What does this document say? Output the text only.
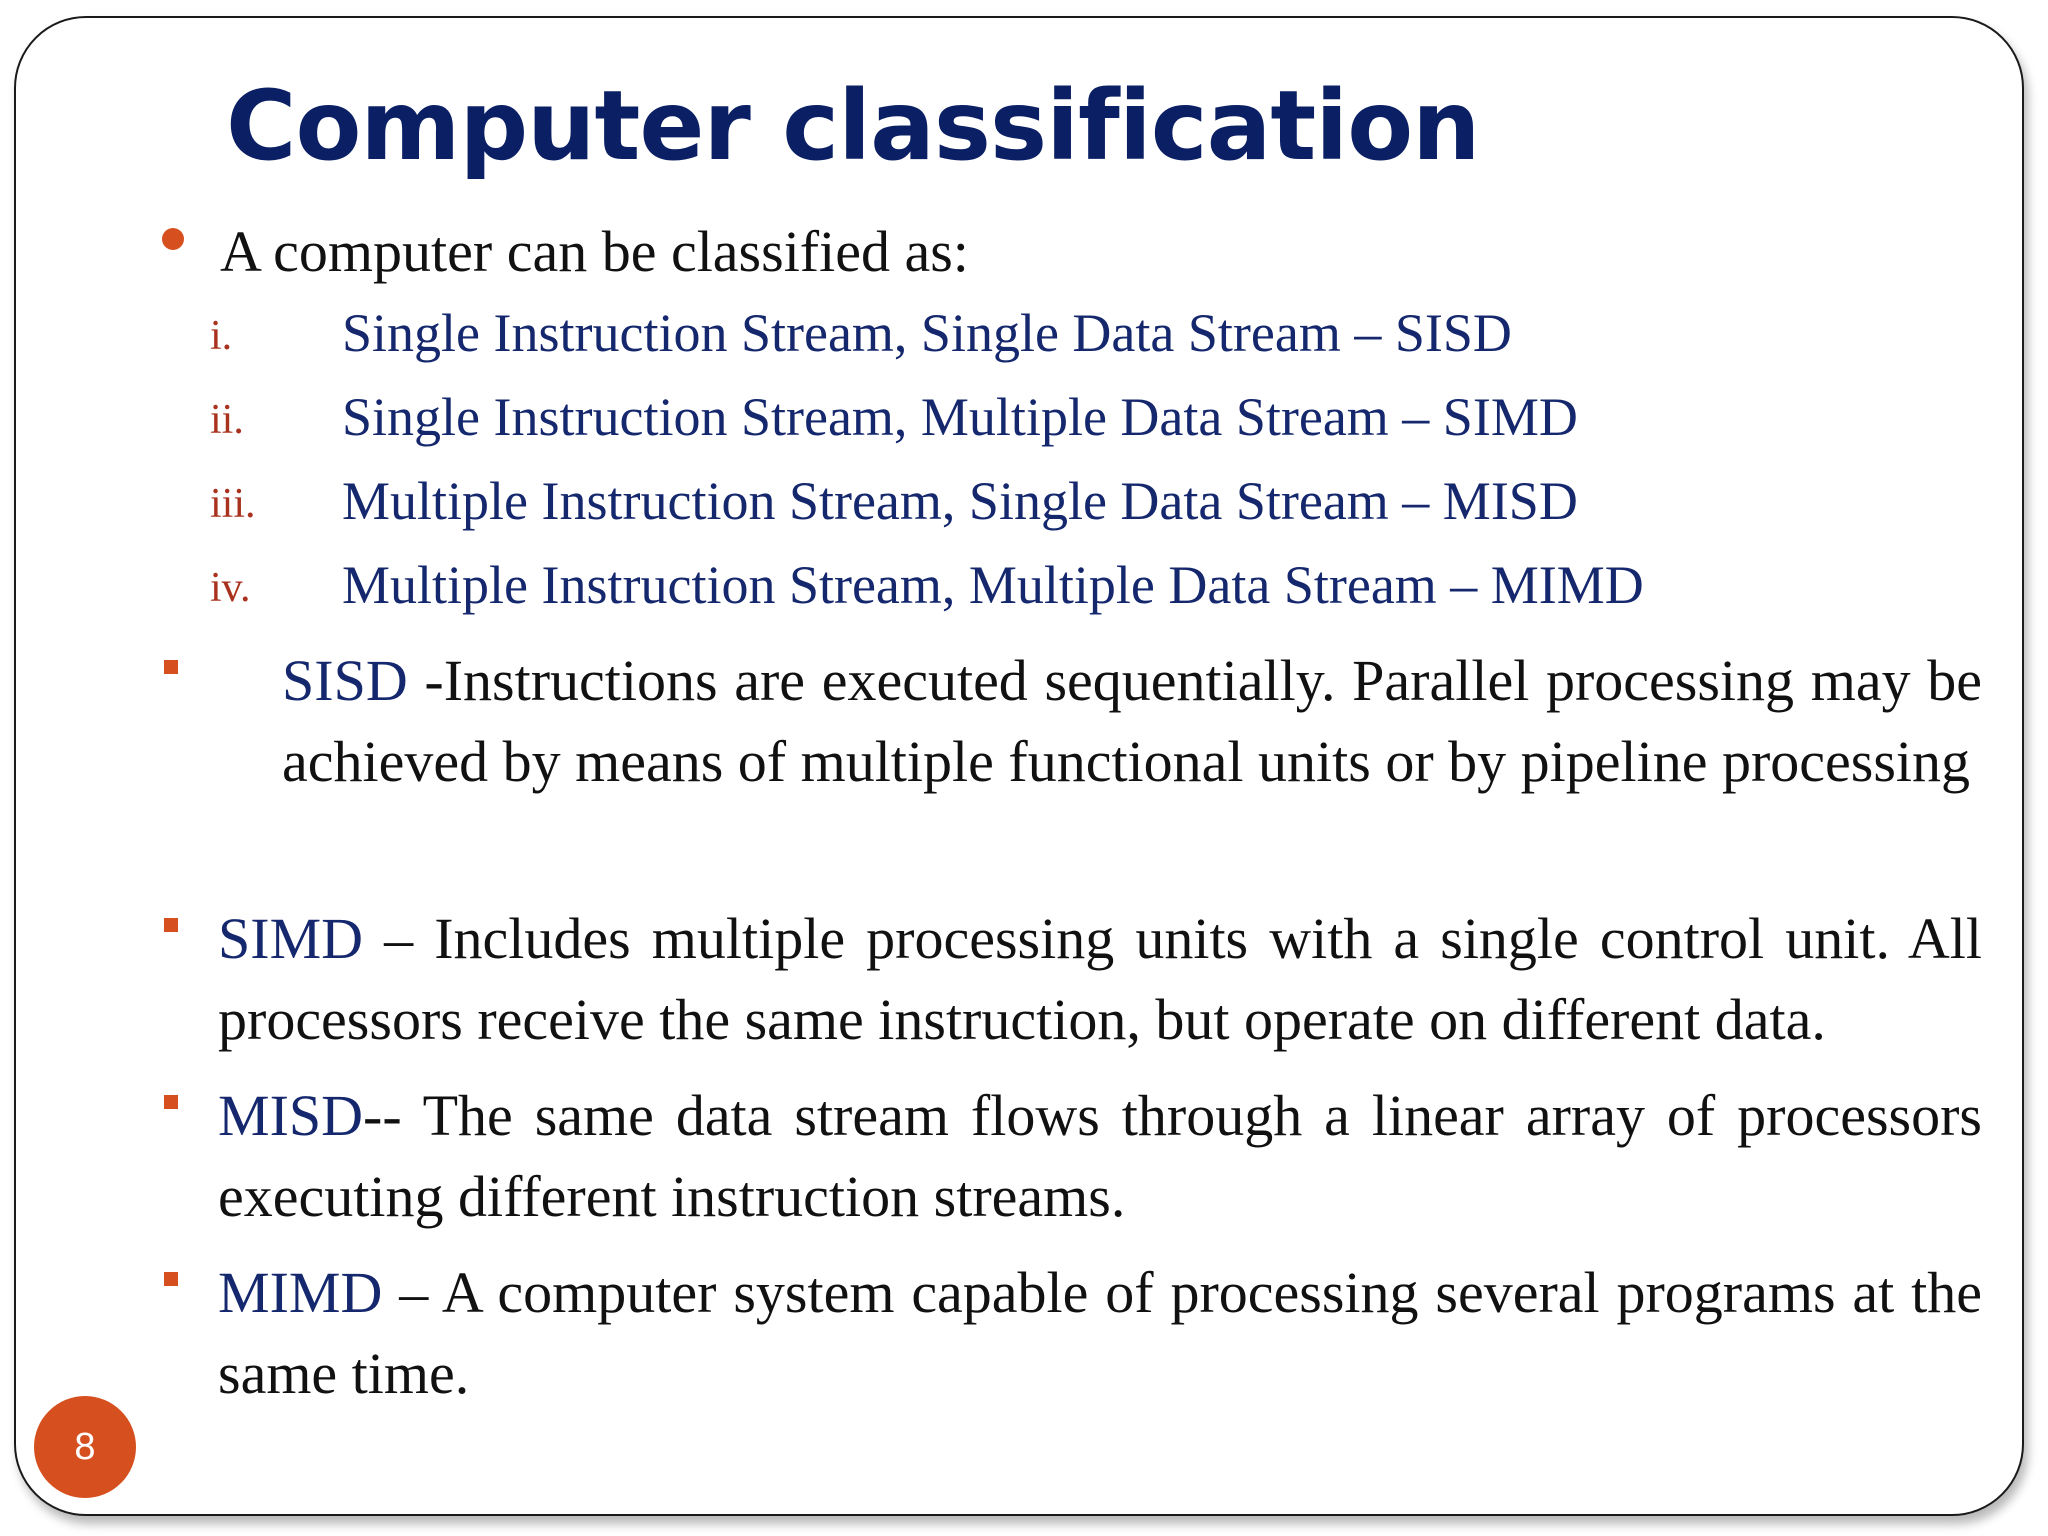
Computer classification
A computer can be classified as:
i. Single Instruction Stream, Single Data Stream – SISD
ii. Single Instruction Stream, Multiple Data Stream – SIMD
iii. Multiple Instruction Stream, Single Data Stream – MISD
iv. Multiple Instruction Stream, Multiple Data Stream – MIMD
SISD -Instructions are executed sequentially. Parallel processing may be achieved by means of multiple functional units or by pipeline processing
SIMD – Includes multiple processing units with a single control unit. All processors receive the same instruction, but operate on different data.
MISD-- The same data stream flows through a linear array of processors executing different instruction streams.
MIMD – A computer system capable of processing several programs at the same time.
8
